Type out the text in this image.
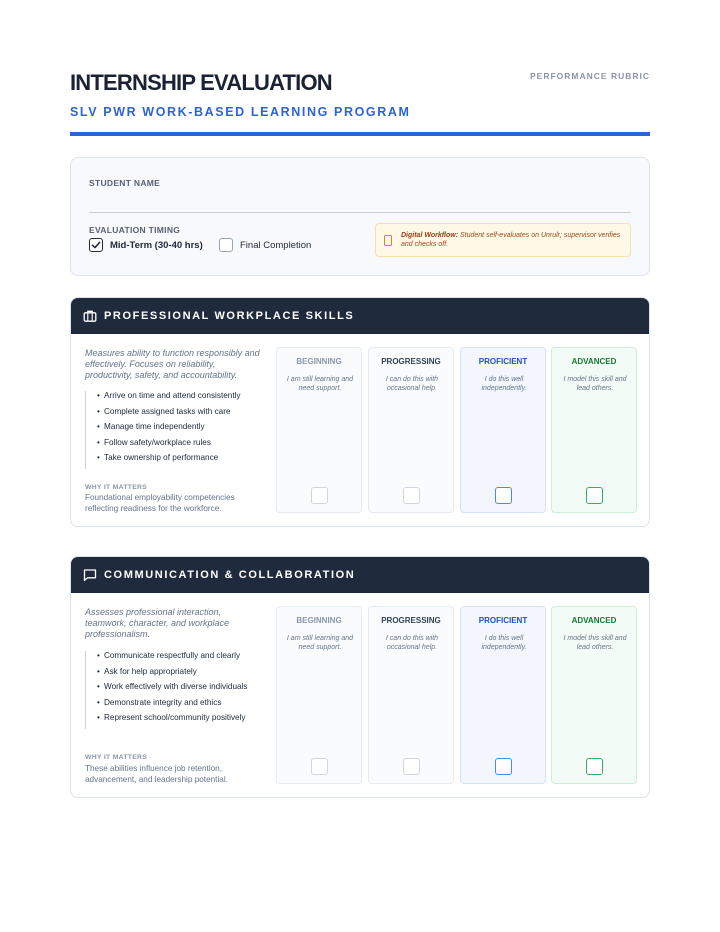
INTERNSHIP EVALUATION
SLV PWR WORK-BASED LEARNING PROGRAM
PERFORMANCE RUBRIC
STUDENT NAME
EVALUATION TIMING
Mid-Term (30-40 hrs)	Final Completion
Digital Workflow: Student self-evaluates on Unrulr; supervisor verifies and checks off.
PROFESSIONAL WORKPLACE SKILLS
Measures ability to function responsibly and effectively. Focuses on reliability, productivity, safety, and accountability.
• Arrive on time and attend consistently
• Complete assigned tasks with care
• Manage time independently
• Follow safety/workplace rules
• Take ownership of performance
WHY IT MATTERS
Foundational employability competencies reflecting readiness for the workforce.
BEGINNING
I am still learning and need support.
PROGRESSING
I can do this with occasional help.
PROFICIENT
I do this well independently.
ADVANCED
I model this skill and lead others.
COMMUNICATION & COLLABORATION
Assesses professional interaction, teamwork, character, and workplace professionalism.
• Communicate respectfully and clearly
• Ask for help appropriately
• Work effectively with diverse individuals
• Demonstrate integrity and ethics
• Represent school/community positively
WHY IT MATTERS
These abilities influence job retention, advancement, and leadership potential.
BEGINNING
I am still learning and need support.
PROGRESSING
I can do this with occasional help.
PROFICIENT
I do this well independently.
ADVANCED
I model this skill and lead others.
